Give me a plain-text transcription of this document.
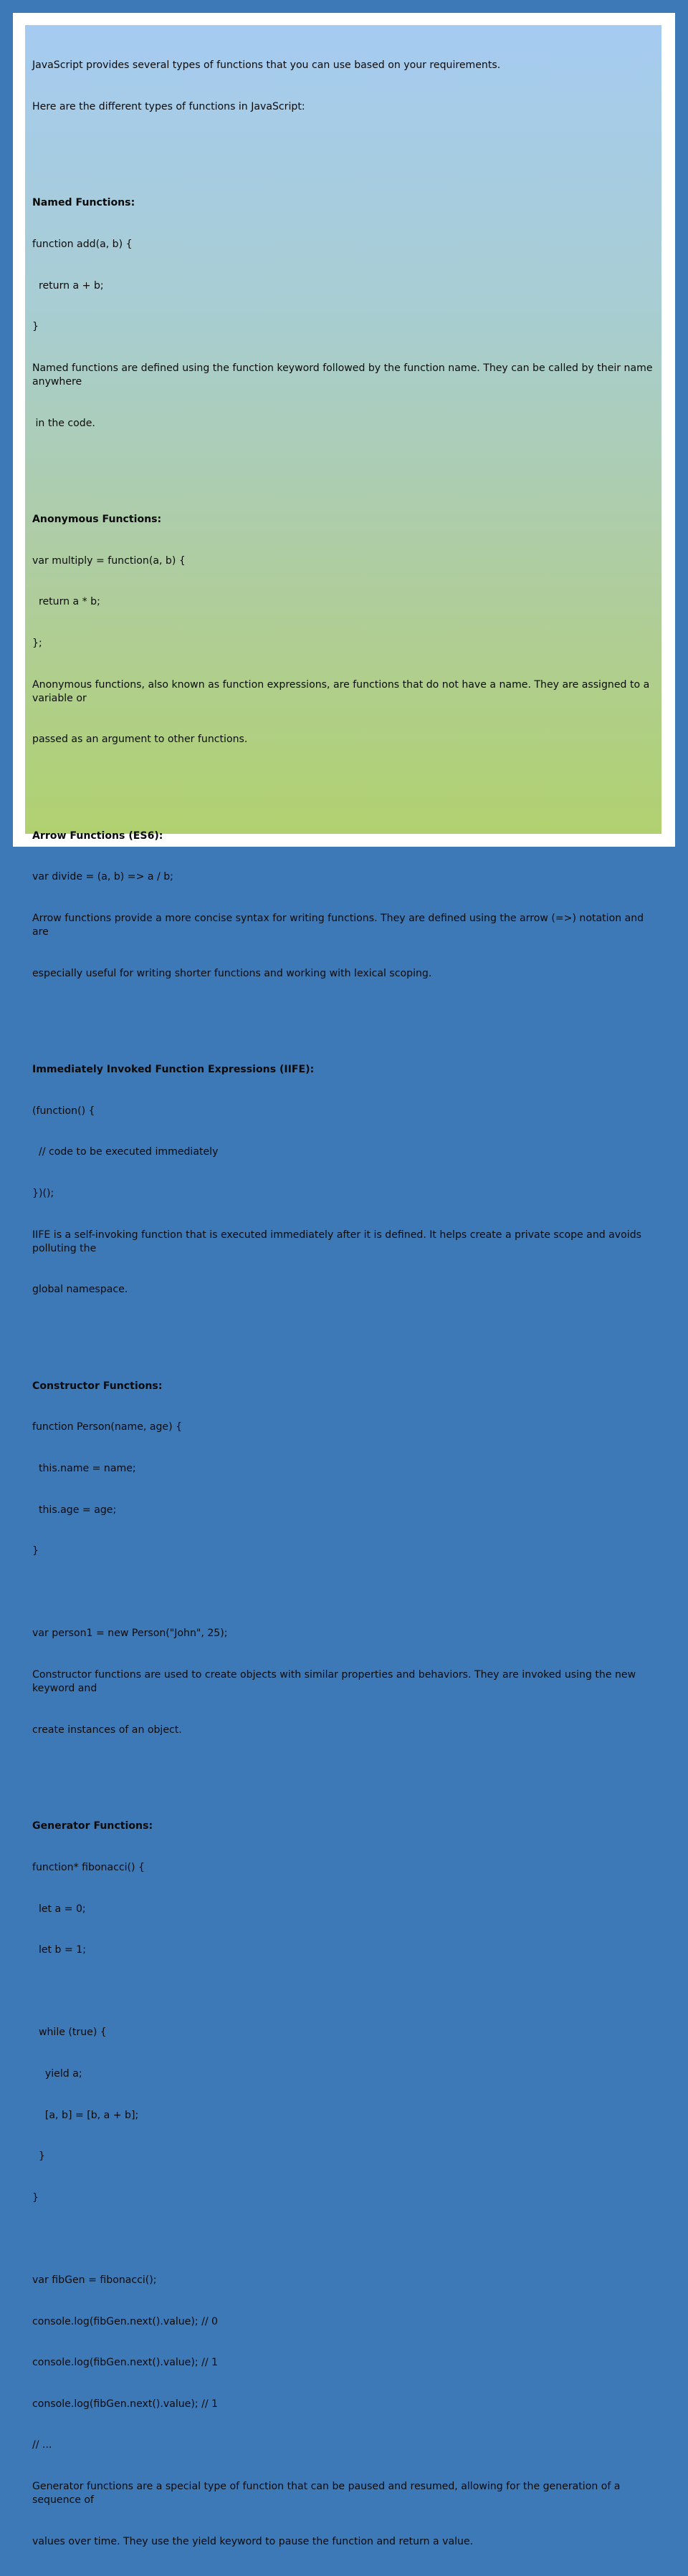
JavaScript provides several types of functions that you can use based on your requirements.

Here are the different types of functions in JavaScript:

Named Functions:

function add(a, b) {

return a + b;

}

Named functions are defined using the function keyword followed by the function name. They can be called by their name anywhere

in the code.

Anonymous Functions:

var multiply = function(a, b) {

return a * b;

};

Anonymous functions, also known as function expressions, are functions that do not have a name. They are assigned to a variable or

passed as an argument to other functions.

Arrow Functions (ES6):

var divide = (a, b) => a / b;

Arrow functions provide a more concise syntax for writing functions. They are defined using the arrow (=>) notation and are

especially useful for writing shorter functions and working with lexical scoping.

Immediately Invoked Function Expressions (IIFE):

(function() {

// code to be executed immediately

})();

IIFE is a self-invoking function that is executed immediately after it is defined. It helps create a private scope and avoids polluting the

global namespace.

Constructor Functions:

function Person(name, age) {

this.name = name;

this.age = age;

}

var person1 = new Person("John", 25);

Constructor functions are used to create objects with similar properties and behaviors. They are invoked using the new keyword and

create instances of an object.

Generator Functions:

function* fibonacci() {

let a = 0;

let b = 1;

while (true) {

yield a;

[a, b] = [b, a + b];

}

}

var fibGen = fibonacci();

console.log(fibGen.next().value); // 0

console.log(fibGen.next().value); // 1

console.log(fibGen.next().value); // 1

// ...

Generator functions are a special type of function that can be paused and resumed, allowing for the generation of a sequence of

values over time. They use the yield keyword to pause the function and return a value.
